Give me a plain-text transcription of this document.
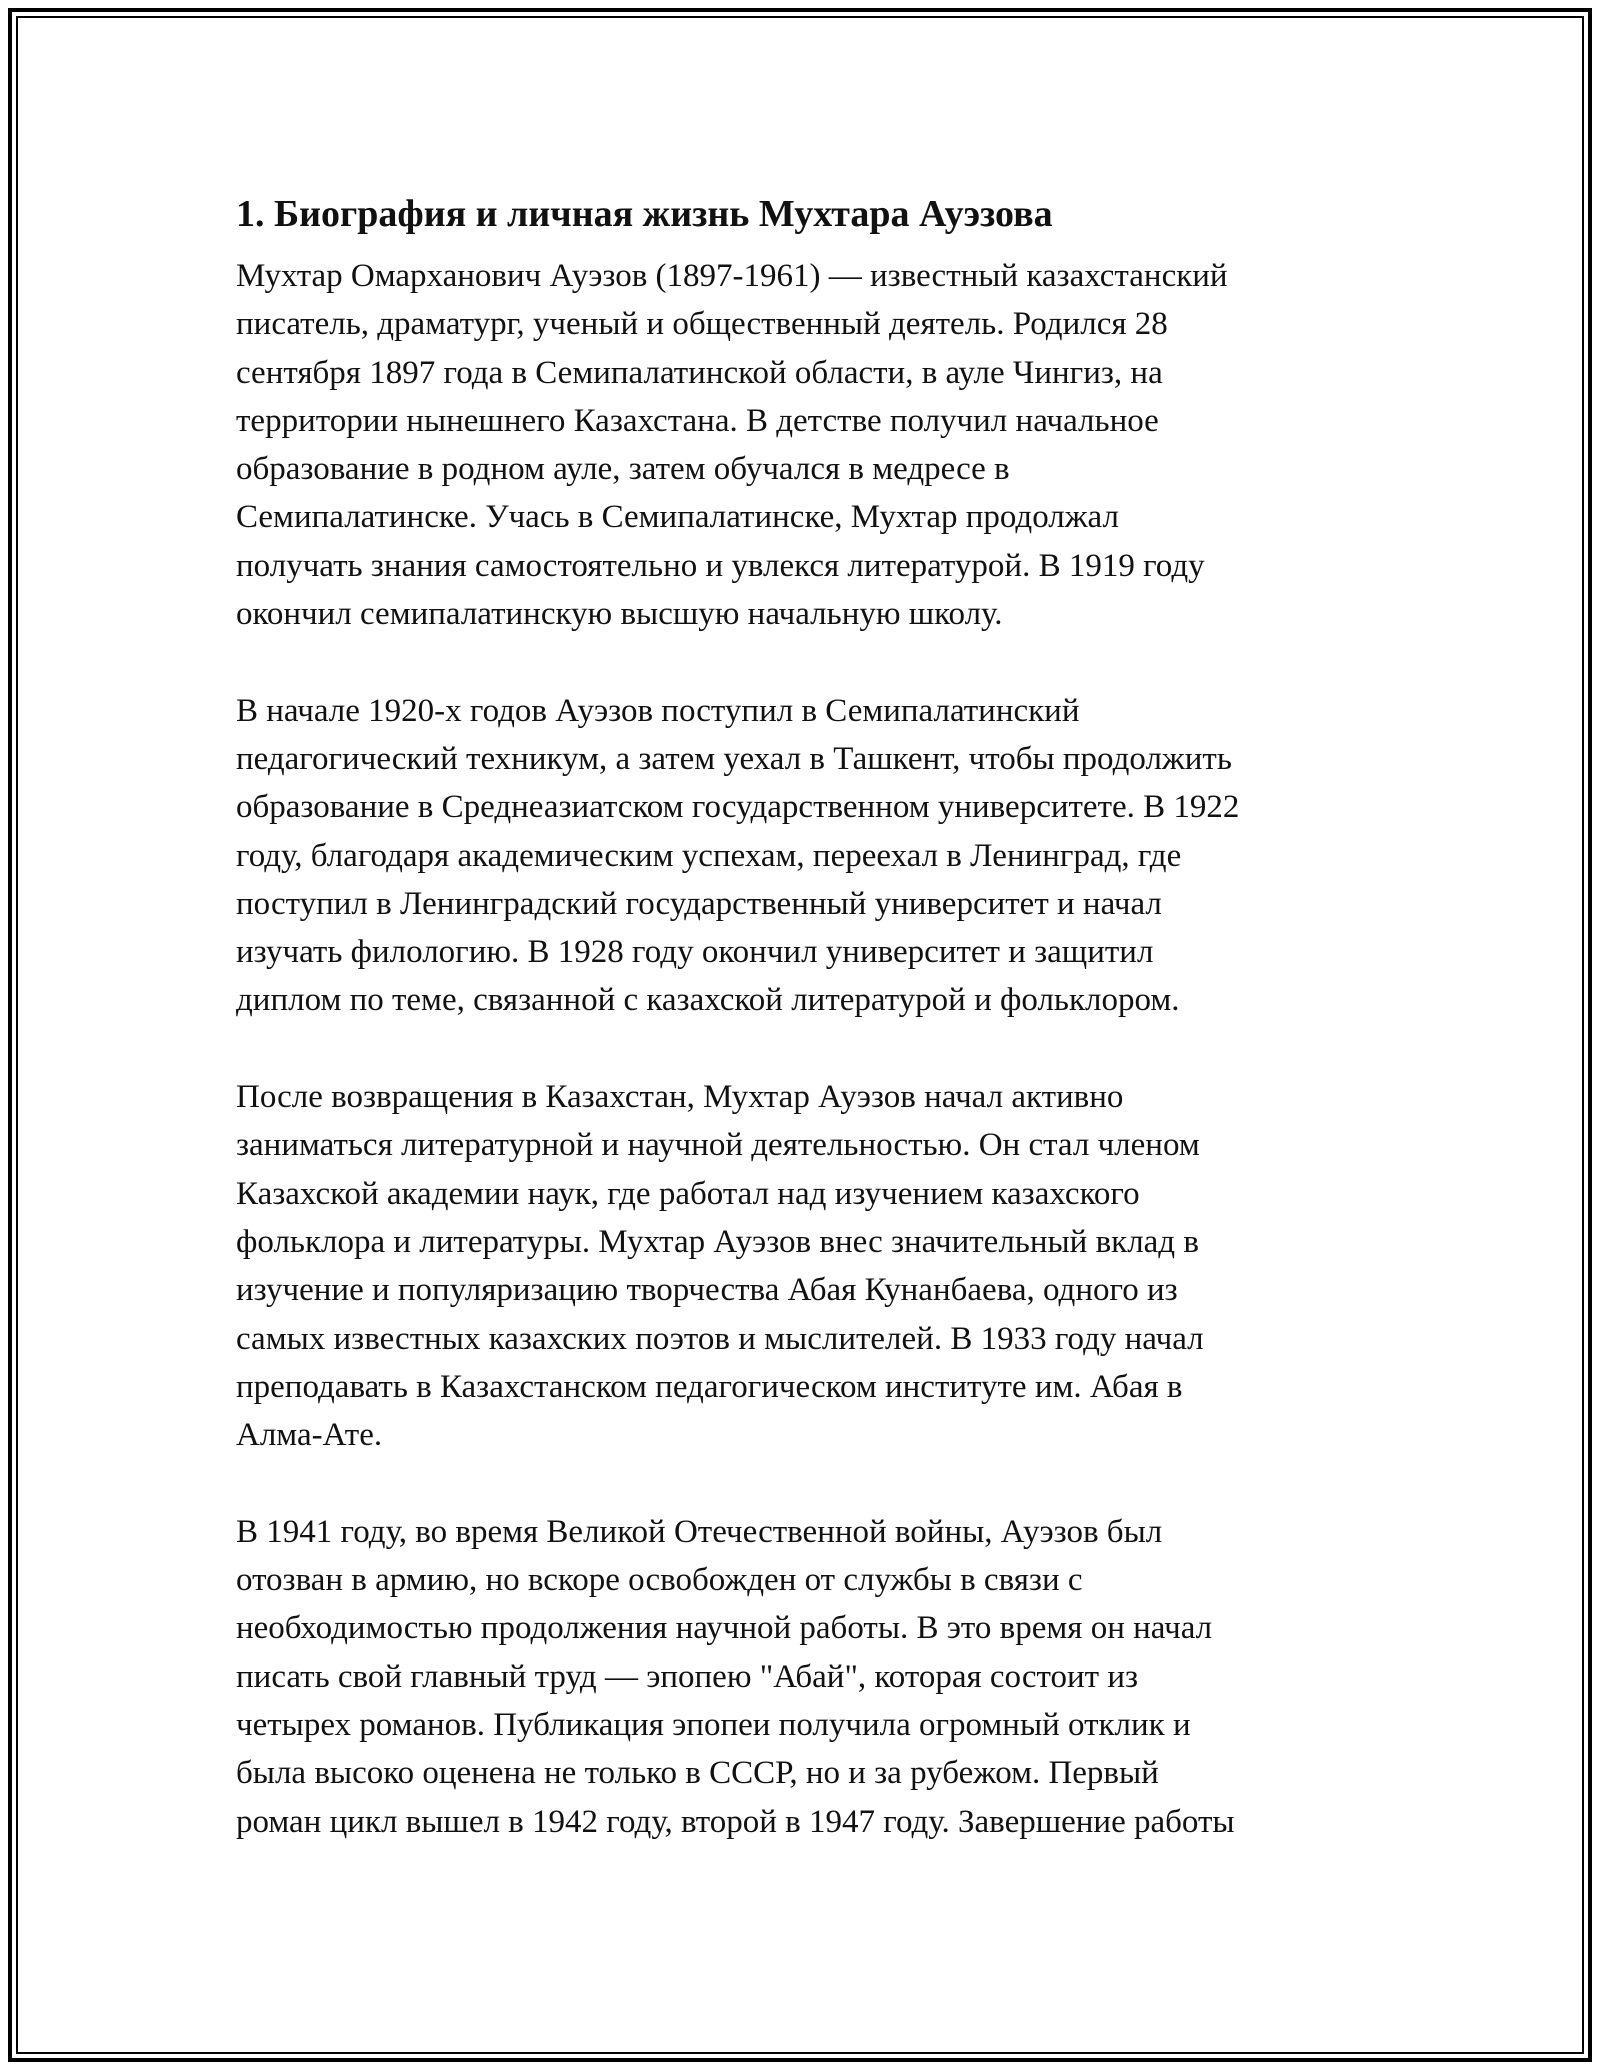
1. Биография и личная жизнь Мухтара Ауэзова
Мухтар Омарханович Ауэзов (1897-1961) — известный казахстанский
писатель, драматург, ученый и общественный деятель. Родился 28
сентября 1897 года в Семипалатинской области, в ауле Чингиз, на
территории нынешнего Казахстана. В детстве получил начальное
образование в родном ауле, затем обучался в медресе в
Семипалатинске. Учась в Семипалатинске, Мухтар продолжал
получать знания самостоятельно и увлекся литературой. В 1919 году
окончил семипалатинскую высшую начальную школу.
В начале 1920-х годов Ауэзов поступил в Семипалатинский
педагогический техникум, а затем уехал в Ташкент, чтобы продолжить
образование в Среднеазиатском государственном университете. В 1922
году, благодаря академическим успехам, переехал в Ленинград, где
поступил в Ленинградский государственный университет и начал
изучать филологию. В 1928 году окончил университет и защитил
диплом по теме, связанной с казахской литературой и фольклором.
После возвращения в Казахстан, Мухтар Ауэзов начал активно
заниматься литературной и научной деятельностью. Он стал членом
Казахской академии наук, где работал над изучением казахского
фольклора и литературы. Мухтар Ауэзов внес значительный вклад в
изучение и популяризацию творчества Абая Кунанбаева, одного из
самых известных казахских поэтов и мыслителей. В 1933 году начал
преподавать в Казахстанском педагогическом институте им. Абая в
Алма-Ате.
В 1941 году, во время Великой Отечественной войны, Ауэзов был
отозван в армию, но вскоре освобожден от службы в связи с
необходимостью продолжения научной работы. В это время он начал
писать свой главный труд — эпопею "Абай", которая состоит из
четырех романов. Публикация эпопеи получила огромный отклик и
была высоко оценена не только в СССР, но и за рубежом. Первый
роман цикл вышел в 1942 году, второй в 1947 году. Завершение работы
